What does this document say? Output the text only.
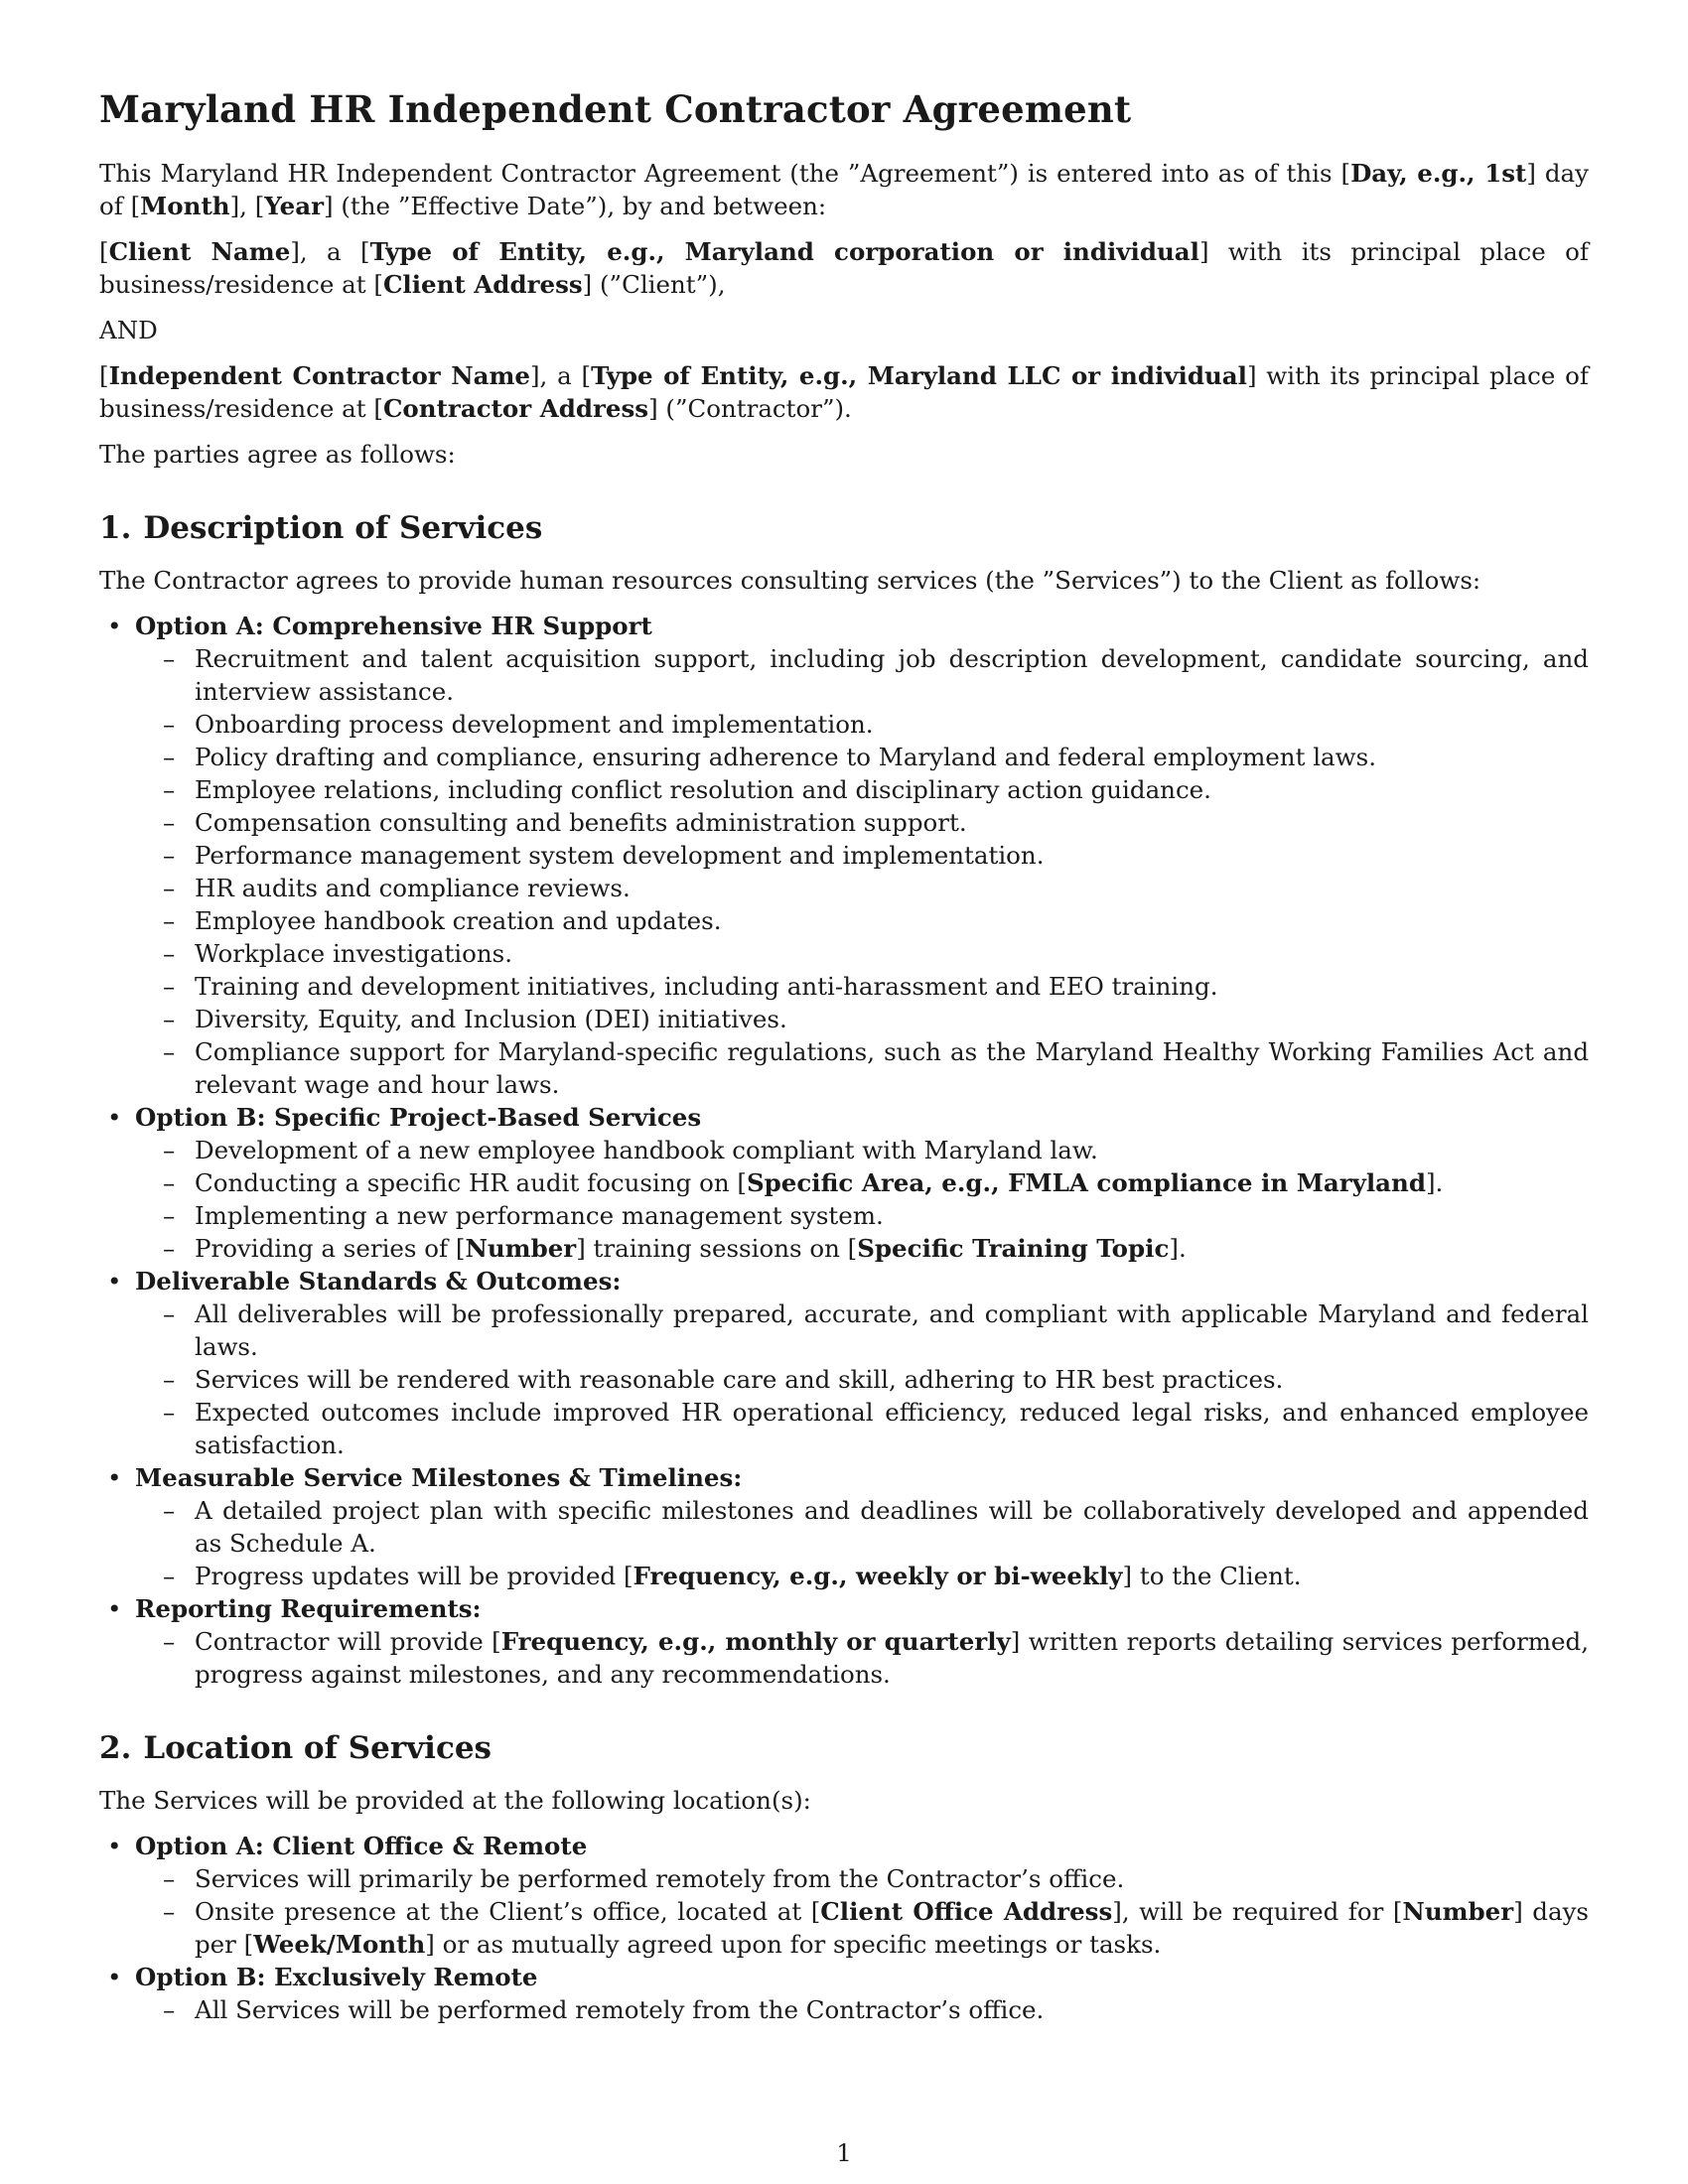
Maryland HR Independent Contractor Agreement

This Maryland HR Independent Contractor Agreement (the ”Agreement”) is entered into as of this [Day, e.g., 1st] day of [Month], [Year] (the ”Effective Date”), by and between:

[Client Name], a [Type of Entity, e.g., Maryland corporation or individual] with its principal place of business/residence at [Client Address] (”Client”),

AND

[Independent Contractor Name], a [Type of Entity, e.g., Maryland LLC or individual] with its principal place of business/residence at [Contractor Address] (”Contractor”).

The parties agree as follows:

1. Description of Services

The Contractor agrees to provide human resources consulting services (the ”Services”) to the Client as follows:

• Option A: Comprehensive HR Support
– Recruitment and talent acquisition support, including job description development, candidate sourcing, and interview assistance.
– Onboarding process development and implementation.
– Policy drafting and compliance, ensuring adherence to Maryland and federal employment laws.
– Employee relations, including conflict resolution and disciplinary action guidance.
– Compensation consulting and benefits administration support.
– Performance management system development and implementation.
– HR audits and compliance reviews.
– Employee handbook creation and updates.
– Workplace investigations.
– Training and development initiatives, including anti-harassment and EEO training.
– Diversity, Equity, and Inclusion (DEI) initiatives.
– Compliance support for Maryland-specific regulations, such as the Maryland Healthy Working Families Act and relevant wage and hour laws.
• Option B: Specific Project-Based Services
– Development of a new employee handbook compliant with Maryland law.
– Conducting a specific HR audit focusing on [Specific Area, e.g., FMLA compliance in Maryland].
– Implementing a new performance management system.
– Providing a series of [Number] training sessions on [Specific Training Topic].
• Deliverable Standards & Outcomes:
– All deliverables will be professionally prepared, accurate, and compliant with applicable Maryland and federal laws.
– Services will be rendered with reasonable care and skill, adhering to HR best practices.
– Expected outcomes include improved HR operational efficiency, reduced legal risks, and enhanced employee satisfaction.
• Measurable Service Milestones & Timelines:
– A detailed project plan with specific milestones and deadlines will be collaboratively developed and appended as Schedule A.
– Progress updates will be provided [Frequency, e.g., weekly or bi-weekly] to the Client.
• Reporting Requirements:
– Contractor will provide [Frequency, e.g., monthly or quarterly] written reports detailing services performed, progress against milestones, and any recommendations.
2. Location of Services

The Services will be provided at the following location(s):

• Option A: Client Office & Remote
– Services will primarily be performed remotely from the Contractor’s office.
– Onsite presence at the Client’s office, located at [Client Office Address], will be required for [Number] days per [Week/Month] or as mutually agreed upon for specific meetings or tasks.
• Option B: Exclusively Remote
– All Services will be performed remotely from the Contractor’s office.
1
